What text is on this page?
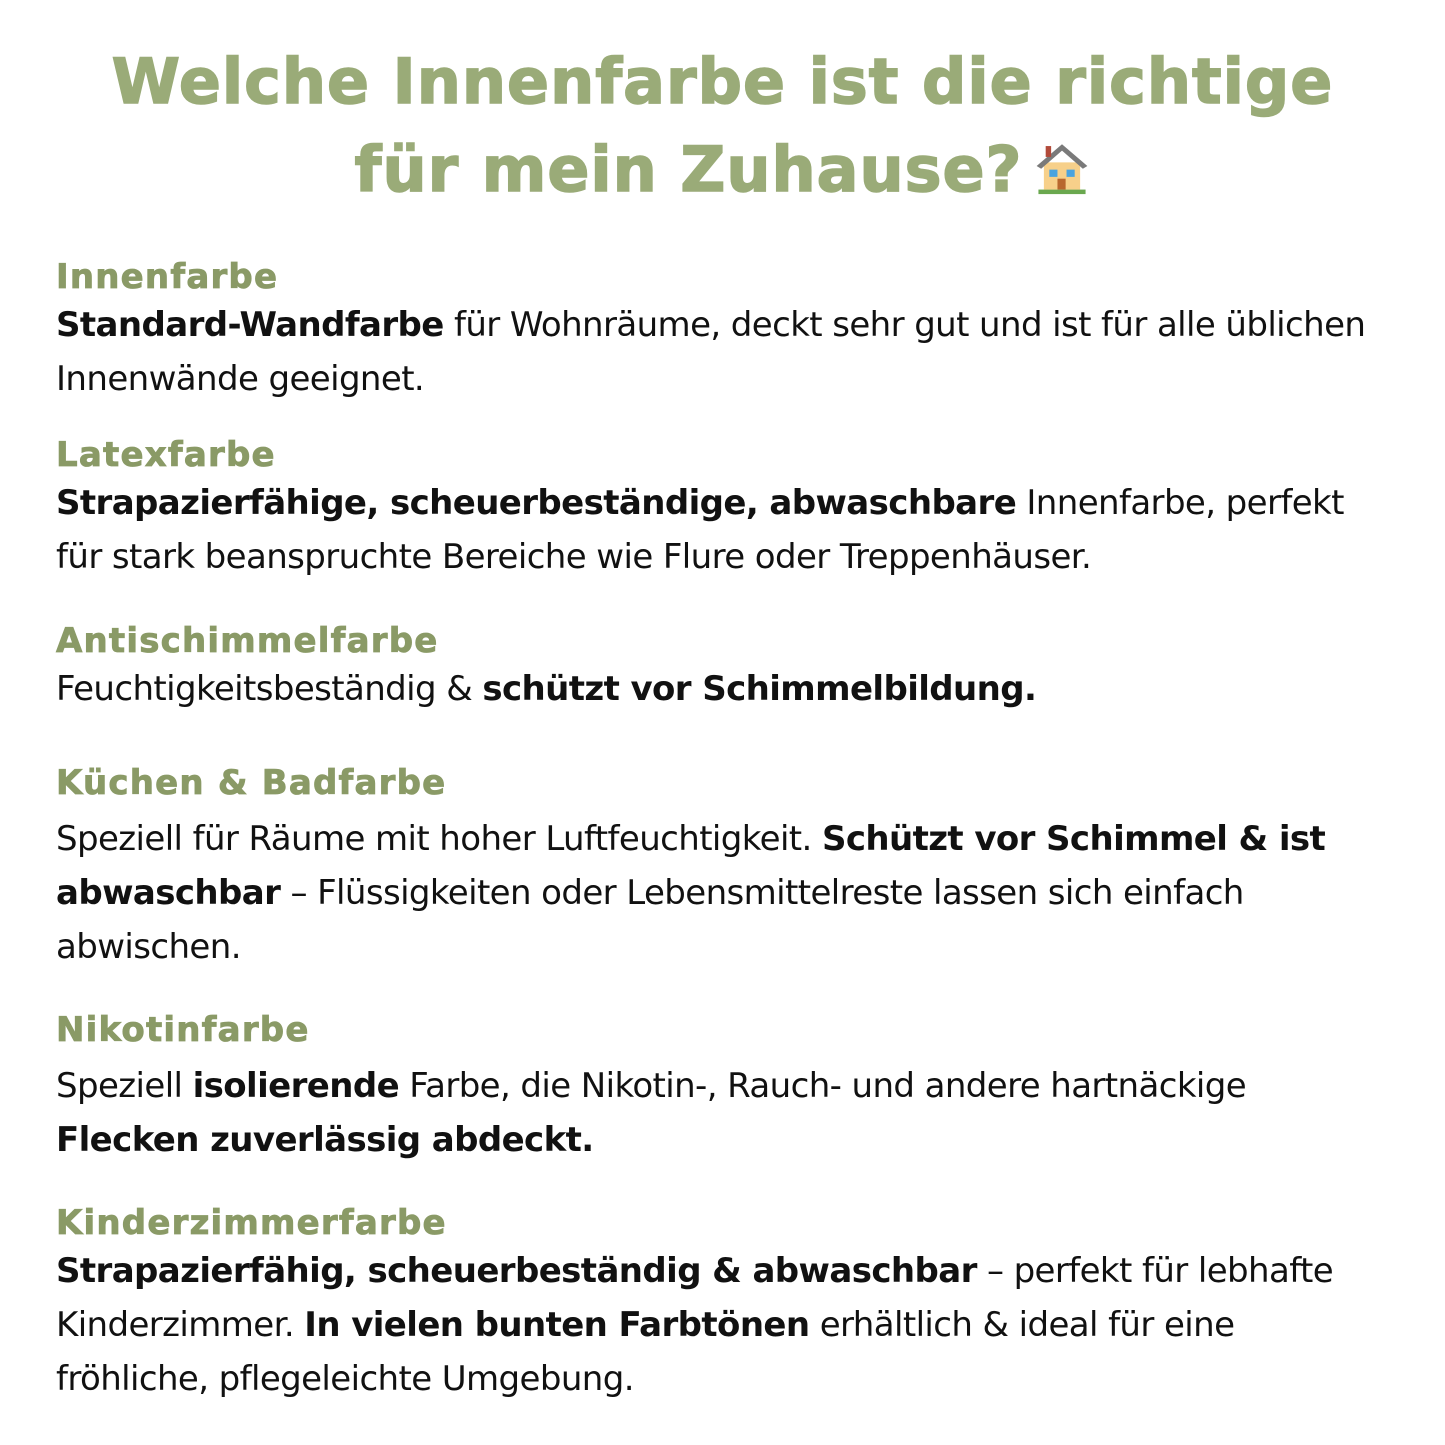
Welche Innenfarbe ist die richtige
für mein Zuhause?
Innenfarbe

Standard-Wandfarbe für Wohnräume, deckt sehr gut und ist für alle üblichen Innenwände geeignet.

Latexfarbe

Strapazierfähige, scheuerbeständige, abwaschbare Innenfarbe, perfekt für stark beanspruchte Bereiche wie Flure oder Treppenhäuser.

Antischimmelfarbe

Feuchtigkeitsbeständig & schützt vor Schimmelbildung.

Küchen & Badfarbe

Speziell für Räume mit hoher Luftfeuchtigkeit. Schützt vor Schimmel & ist abwaschbar – Flüssigkeiten oder Lebensmittelreste lassen sich einfach abwischen.

Nikotinfarbe

Speziell isolierende Farbe, die Nikotin-, Rauch- und andere hartnäckige Flecken zuverlässig abdeckt.

Kinderzimmerfarbe

Strapazierfähig, scheuerbeständig & abwaschbar – perfekt für lebhafte Kinderzimmer. In vielen bunten Farbtönen erhältlich & ideal für eine fröhliche, pflegeleichte Umgebung.
